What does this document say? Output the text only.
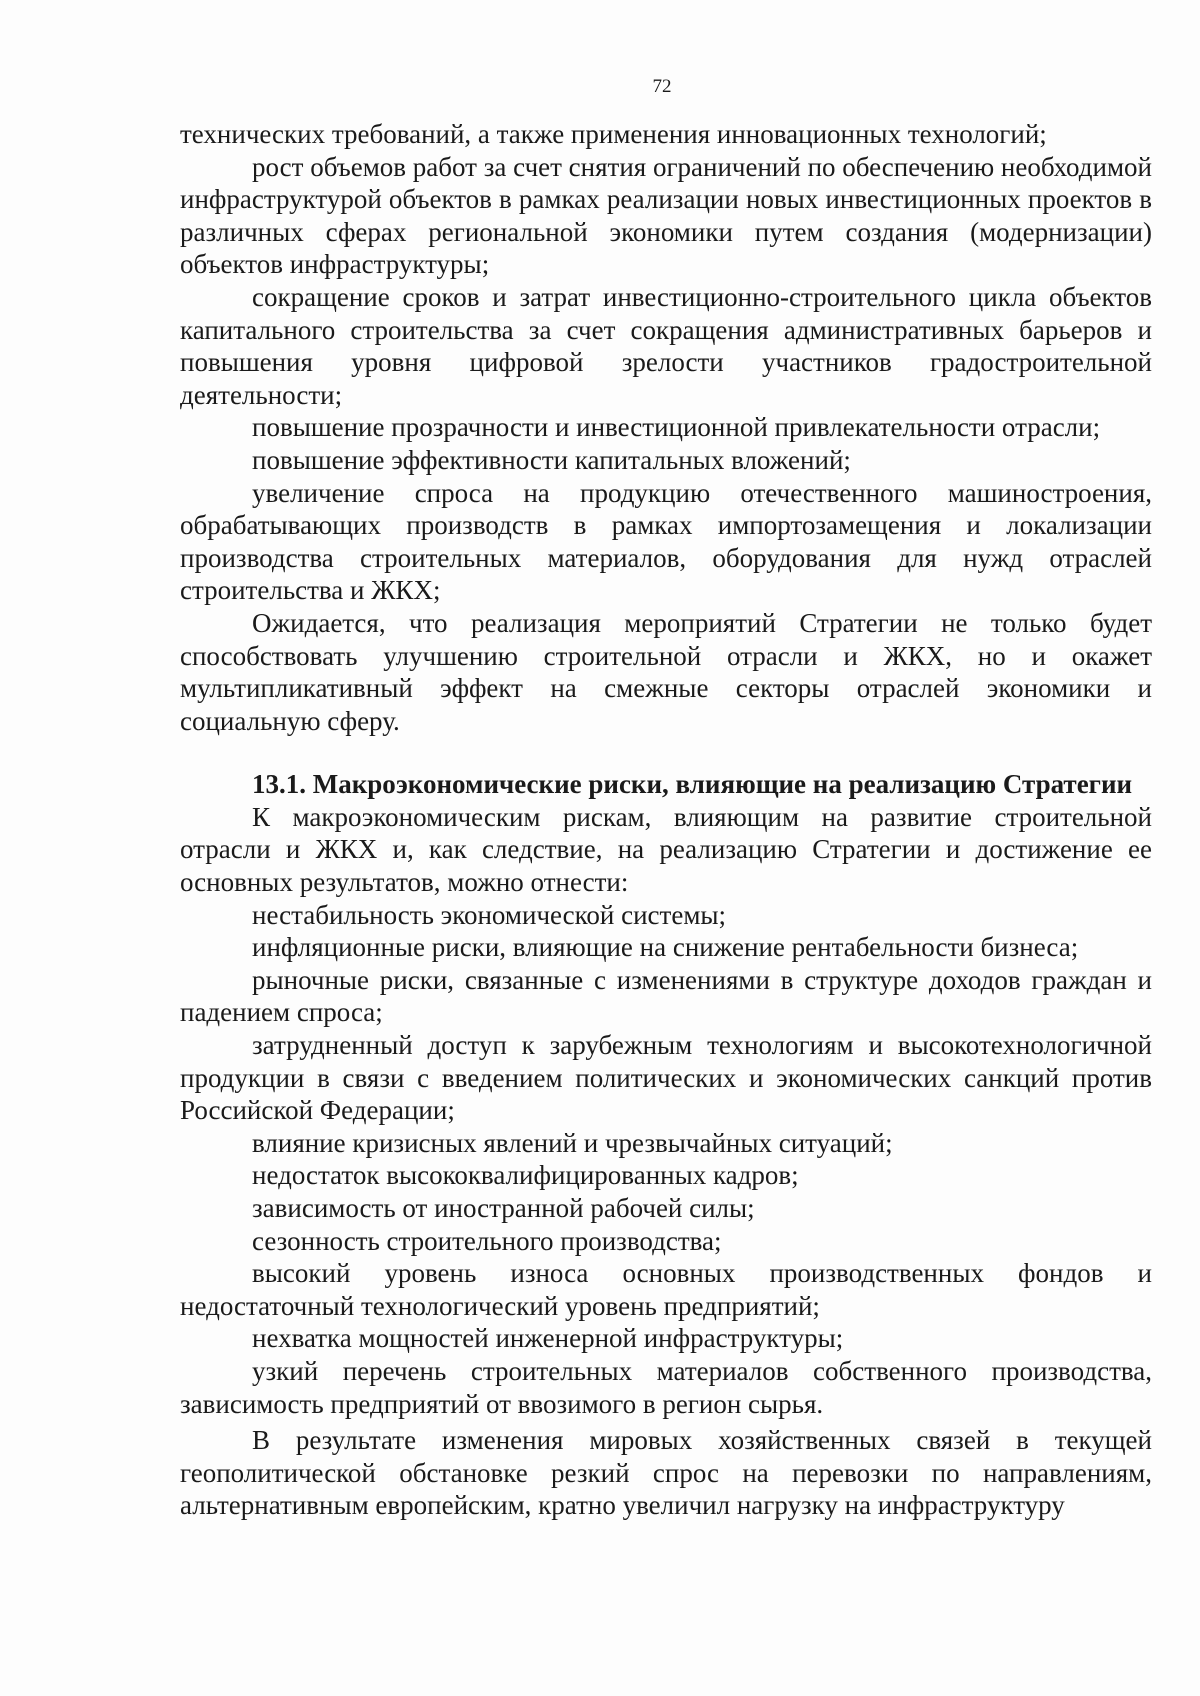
72

технических требований, а также применения инновационных технологий;

рост объемов работ за счет снятия ограничений по обеспечению необходимой инфраструктурой объектов в рамках реализации новых инвестиционных проектов в различных сферах региональной экономики путем создания (модернизации) объектов инфраструктуры;

сокращение сроков и затрат инвестиционно-строительного цикла объектов капитального строительства за счет сокращения административных барьеров и повышения уровня цифровой зрелости участников градостроительной деятельности;

повышение прозрачности и инвестиционной привлекательности отрасли;

повышение эффективности капитальных вложений;

увеличение спроса на продукцию отечественного машиностроения, обрабатывающих производств в рамках импортозамещения и локализации производства строительных материалов, оборудования для нужд отраслей строительства и ЖКХ;

Ожидается, что реализация мероприятий Стратегии не только будет способствовать улучшению строительной отрасли и ЖКХ, но и окажет мультипликативный эффект на смежные секторы отраслей экономики и социальную сферу.

13.1. Макроэкономические риски, влияющие на реализацию Стратегии

К макроэкономическим рискам, влияющим на развитие строительной отрасли и ЖКХ и, как следствие, на реализацию Стратегии и достижение ее основных результатов, можно отнести:

нестабильность экономической системы;

инфляционные риски, влияющие на снижение рентабельности бизнеса;

рыночные риски, связанные с изменениями в структуре доходов граждан и падением спроса;

затрудненный доступ к зарубежным технологиям и высокотехнологичной продукции в связи с введением политических и экономических санкций против Российской Федерации;

влияние кризисных явлений и чрезвычайных ситуаций;

недостаток высококвалифицированных кадров;

зависимость от иностранной рабочей силы;

сезонность строительного производства;

высокий уровень износа основных производственных фондов и недостаточный технологический уровень предприятий;

нехватка мощностей инженерной инфраструктуры;

узкий перечень строительных материалов собственного производства, зависимость предприятий от ввозимого в регион сырья.

В результате изменения мировых хозяйственных связей в текущей геополитической обстановке резкий спрос на перевозки по направлениям, альтернативным европейским, кратно увеличил нагрузку на инфраструктуру
